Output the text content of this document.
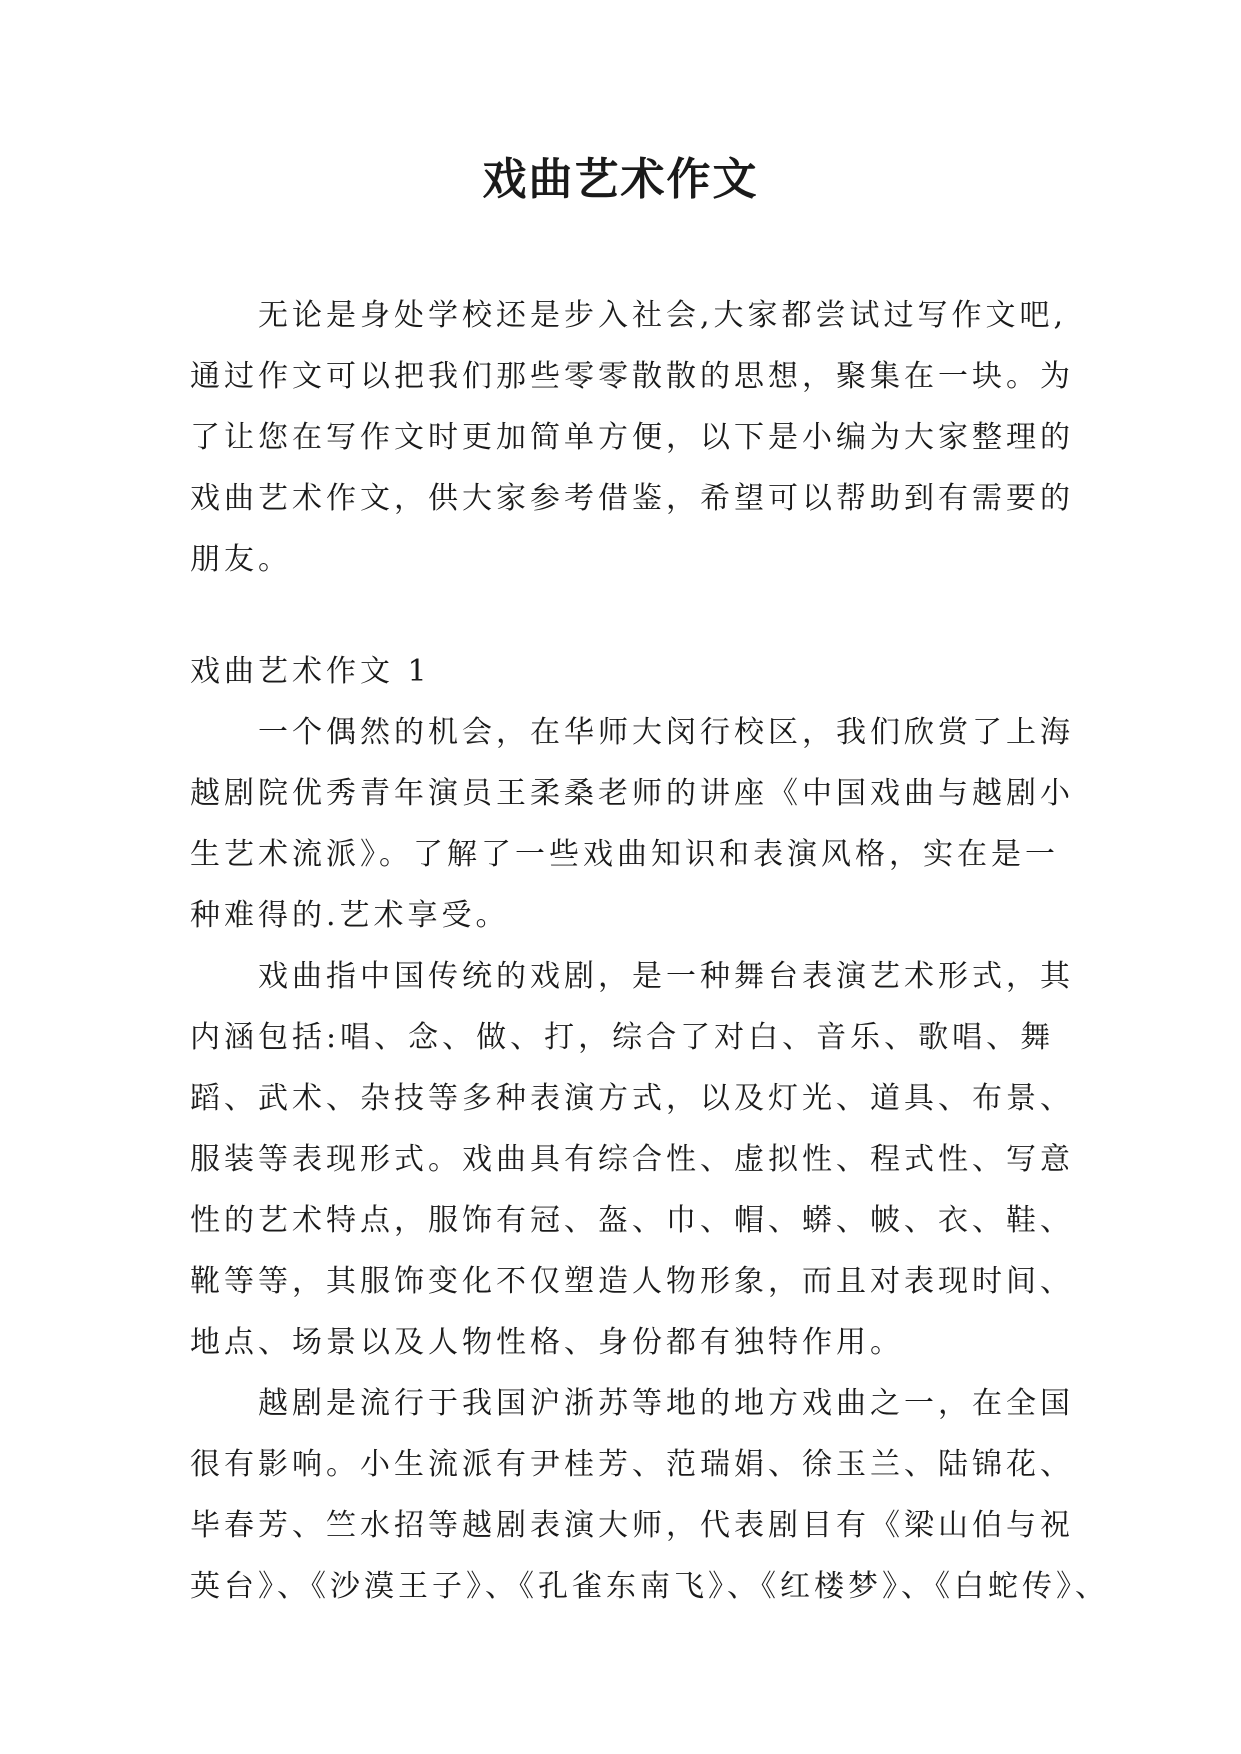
戏曲艺术作文
　　无论是身处学校还是步入社会,大家都尝试过写作文吧,
通过作文可以把我们那些零零散散的思想，聚集在一块。为
了让您在写作文时更加简单方便，以下是小编为大家整理的
戏曲艺术作文，供大家参考借鉴，希望可以帮助到有需要的
朋友。
戏曲艺术作文 1
　　一个偶然的机会，在华师大闵行校区，我们欣赏了上海
越剧院优秀青年演员王柔桑老师的讲座《中国戏曲与越剧小
生艺术流派》。了解了一些戏曲知识和表演风格，实在是一
种难得的.艺术享受。
　　戏曲指中国传统的戏剧，是一种舞台表演艺术形式，其
内涵包括:唱、念、做、打，综合了对白、音乐、歌唱、舞
蹈、武术、杂技等多种表演方式，以及灯光、道具、布景、
服装等表现形式。戏曲具有综合性、虚拟性、程式性、写意
性的艺术特点，服饰有冠、盔、巾、帽、蟒、帔、衣、鞋、
靴等等，其服饰变化不仅塑造人物形象，而且对表现时间、
地点、场景以及人物性格、身份都有独特作用。
　　越剧是流行于我国沪浙苏等地的地方戏曲之一，在全国
很有影响。小生流派有尹桂芳、范瑞娟、徐玉兰、陆锦花、
毕春芳、竺水招等越剧表演大师，代表剧目有《梁山伯与祝
英台》、《沙漠王子》、《孔雀东南飞》、《红楼梦》、《白蛇传》、
